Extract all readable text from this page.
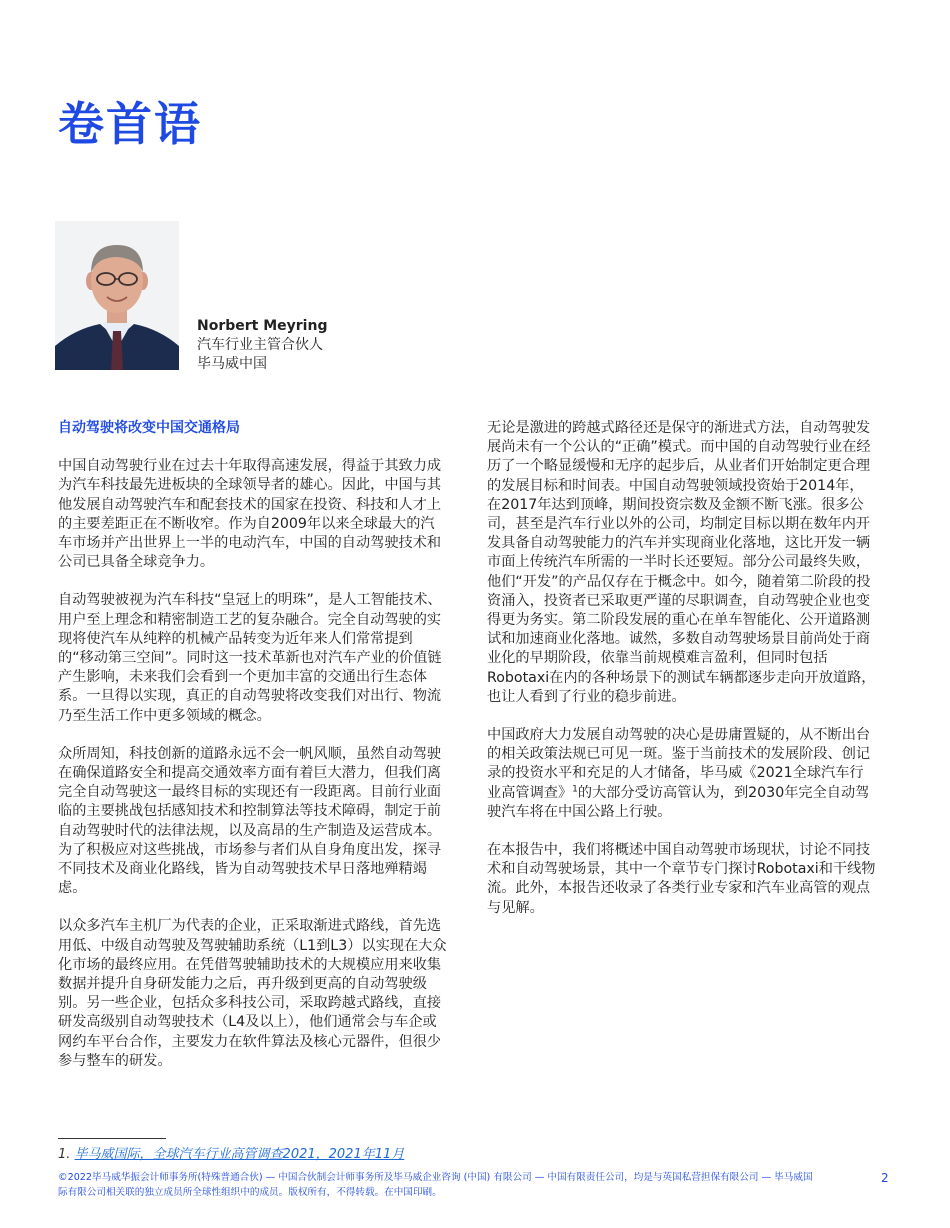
卷首语
Norbert Meyring
汽车行业主管合伙人
毕马威中国
自动驾驶将改变中国交通格局

中国自动驾驶行业在过去十年取得高速发展，得益于其致力成为汽车科技最先进板块的全球领导者的雄心。因此，中国与其他发展自动驾驶汽车和配套技术的国家在投资、科技和人才上的主要差距正在不断收窄。作为自2009年以来全球最大的汽车市场并产出世界上一半的电动汽车，中国的自动驾驶技术和公司已具备全球竞争力。

自动驾驶被视为汽车科技“皇冠上的明珠”，是人工智能技术、用户至上理念和精密制造工艺的复杂融合。完全自动驾驶的实现将使汽车从纯粹的机械产品转变为近年来人们常常提到的“移动第三空间”。同时这一技术革新也对汽车产业的价值链产生影响，未来我们会看到一个更加丰富的交通出行生态体系。一旦得以实现，真正的自动驾驶将改变我们对出行、物流乃至生活工作中更多领域的概念。

众所周知，科技创新的道路永远不会一帆风顺，虽然自动驾驶在确保道路安全和提高交通效率方面有着巨大潜力，但我们离完全自动驾驶这一最终目标的实现还有一段距离。目前行业面临的主要挑战包括感知技术和控制算法等技术障碍，制定于前自动驾驶时代的法律法规，以及高昂的生产制造及运营成本。为了积极应对这些挑战，市场参与者们从自身角度出发，探寻不同技术及商业化路线，皆为自动驾驶技术早日落地殚精竭虑。

以众多汽车主机厂为代表的企业，正采取渐进式路线，首先选用低、中级自动驾驶及驾驶辅助系统（L1到L3）以实现在大众化市场的最终应用。在凭借驾驶辅助技术的大规模应用来收集数据并提升自身研发能力之后，再升级到更高的自动驾驶级别。另一些企业，包括众多科技公司，采取跨越式路线，直接研发高级别自动驾驶技术（L4及以上），他们通常会与车企或网约车平台合作，主要发力在软件算法及核心元器件，但很少参与整车的研发。

无论是激进的跨越式路径还是保守的渐进式方法，自动驾驶发展尚未有一个公认的“正确”模式。而中国的自动驾驶行业在经历了一个略显缓慢和无序的起步后，从业者们开始制定更合理的发展目标和时间表。中国自动驾驶领域投资始于2014年，在2017年达到顶峰，期间投资宗数及金额不断飞涨。很多公司，甚至是汽车行业以外的公司，均制定目标以期在数年内开发具备自动驾驶能力的汽车并实现商业化落地，这比开发一辆市面上传统汽车所需的一半时长还要短。部分公司最终失败，他们“开发”的产品仅存在于概念中。如今，随着第二阶段的投资涌入，投资者已采取更严谨的尽职调查，自动驾驶企业也变得更为务实。第二阶段发展的重心在单车智能化、公开道路测试和加速商业化落地。诚然，多数自动驾驶场景目前尚处于商业化的早期阶段，依靠当前规模难言盈利，但同时包括Robotaxi在内的各种场景下的测试车辆都逐步走向开放道路，也让人看到了行业的稳步前进。

中国政府大力发展自动驾驶的决心是毋庸置疑的，从不断出台的相关政策法规已可见一斑。鉴于当前技术的发展阶段、创记录的投资水平和充足的人才储备，毕马威《2021全球汽车行业高管调查》$^1$的大部分受访高管认为，到2030年完全自动驾驶汽车将在中国公路上行驶。

在本报告中，我们将概述中国自动驾驶市场现状，讨论不同技术和自动驾驶场景，其中一个章节专门探讨Robotaxi和干线物流。此外，本报告还收录了各类行业专家和汽车业高管的观点与见解。

1. 毕马威国际，全球汽车行业高管调查2021，2021年11月
©2022毕马威华振会计师事务所(特殊普通合伙) — 中国合伙制会计师事务所及毕马威企业咨询 (中国) 有限公司 — 中国有限责任公司，均是与英国私营担保有限公司 — 毕马威国际有限公司相关联的独立成员所全球性组织中的成员。版权所有，不得转载。在中国印刷。
2
